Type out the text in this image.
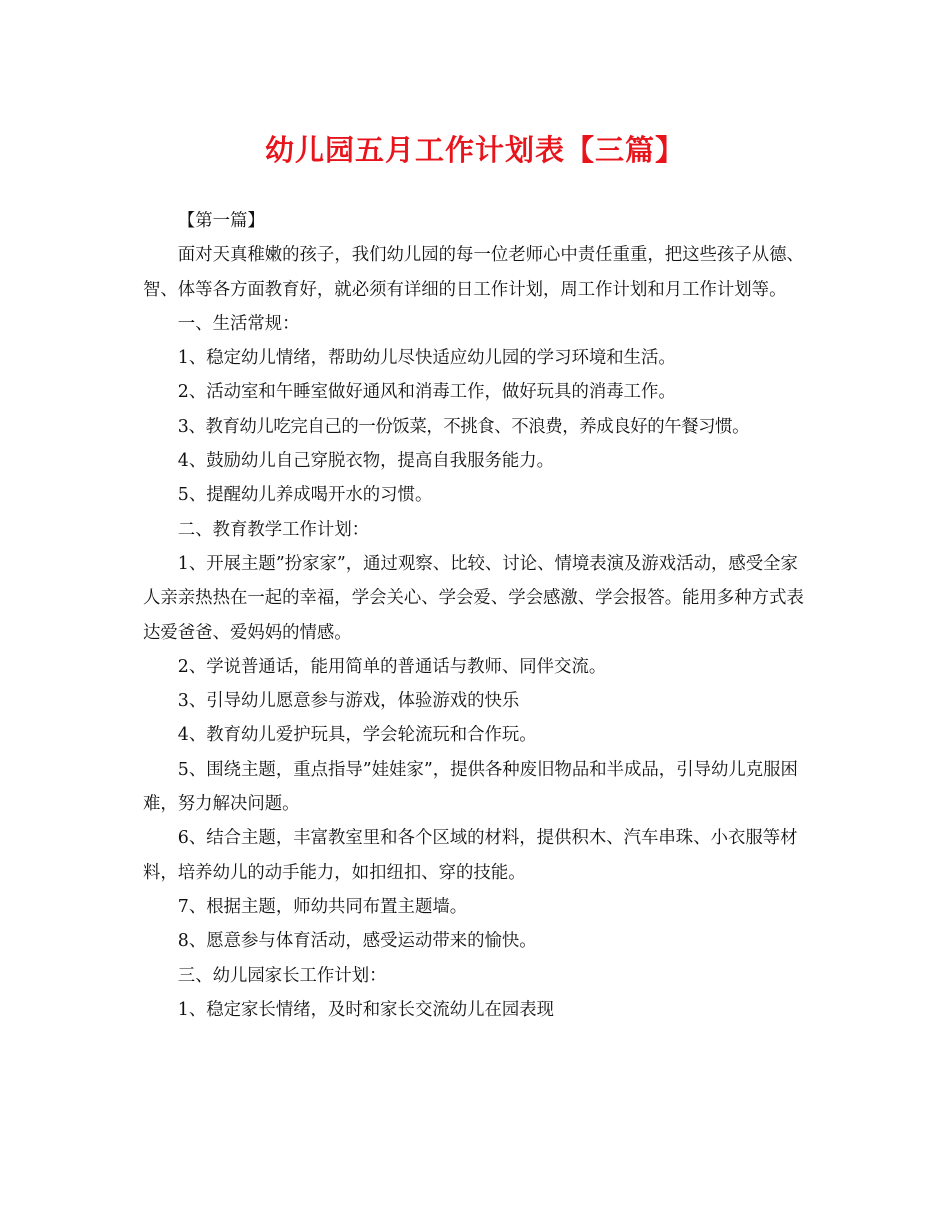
幼儿园五月工作计划表【三篇】

【第一篇】

面对天真稚嫩的孩子，我们幼儿园的每一位老师心中责任重重，把这些孩子从德、智、体等各方面教育好，就必须有详细的日工作计划，周工作计划和月工作计划等。

一、生活常规：

1、稳定幼儿情绪，帮助幼儿尽快适应幼儿园的学习环境和生活。

2、活动室和午睡室做好通风和消毒工作，做好玩具的消毒工作。

3、教育幼儿吃完自己的一份饭菜，不挑食、不浪费，养成良好的午餐习惯。

4、鼓励幼儿自己穿脱衣物，提高自我服务能力。

5、提醒幼儿养成喝开水的习惯。

二、教育教学工作计划：

1、开展主题”扮家家”，通过观察、比较、讨论、情境表演及游戏活动，感受全家人亲亲热热在一起的幸福，学会关心、学会爱、学会感激、学会报答。能用多种方式表达爱爸爸、爱妈妈的情感。

2、学说普通话，能用简单的普通话与教师、同伴交流。

3、引导幼儿愿意参与游戏，体验游戏的快乐

4、教育幼儿爱护玩具，学会轮流玩和合作玩。

5、围绕主题，重点指导”娃娃家”，提供各种废旧物品和半成品，引导幼儿克服困难，努力解决问题。

6、结合主题，丰富教室里和各个区域的材料，提供积木、汽车串珠、小衣服等材料，培养幼儿的动手能力，如扣纽扣、穿的技能。

7、根据主题，师幼共同布置主题墙。

8、愿意参与体育活动，感受运动带来的愉快。

三、幼儿园家长工作计划：

1、稳定家长情绪，及时和家长交流幼儿在园表现
